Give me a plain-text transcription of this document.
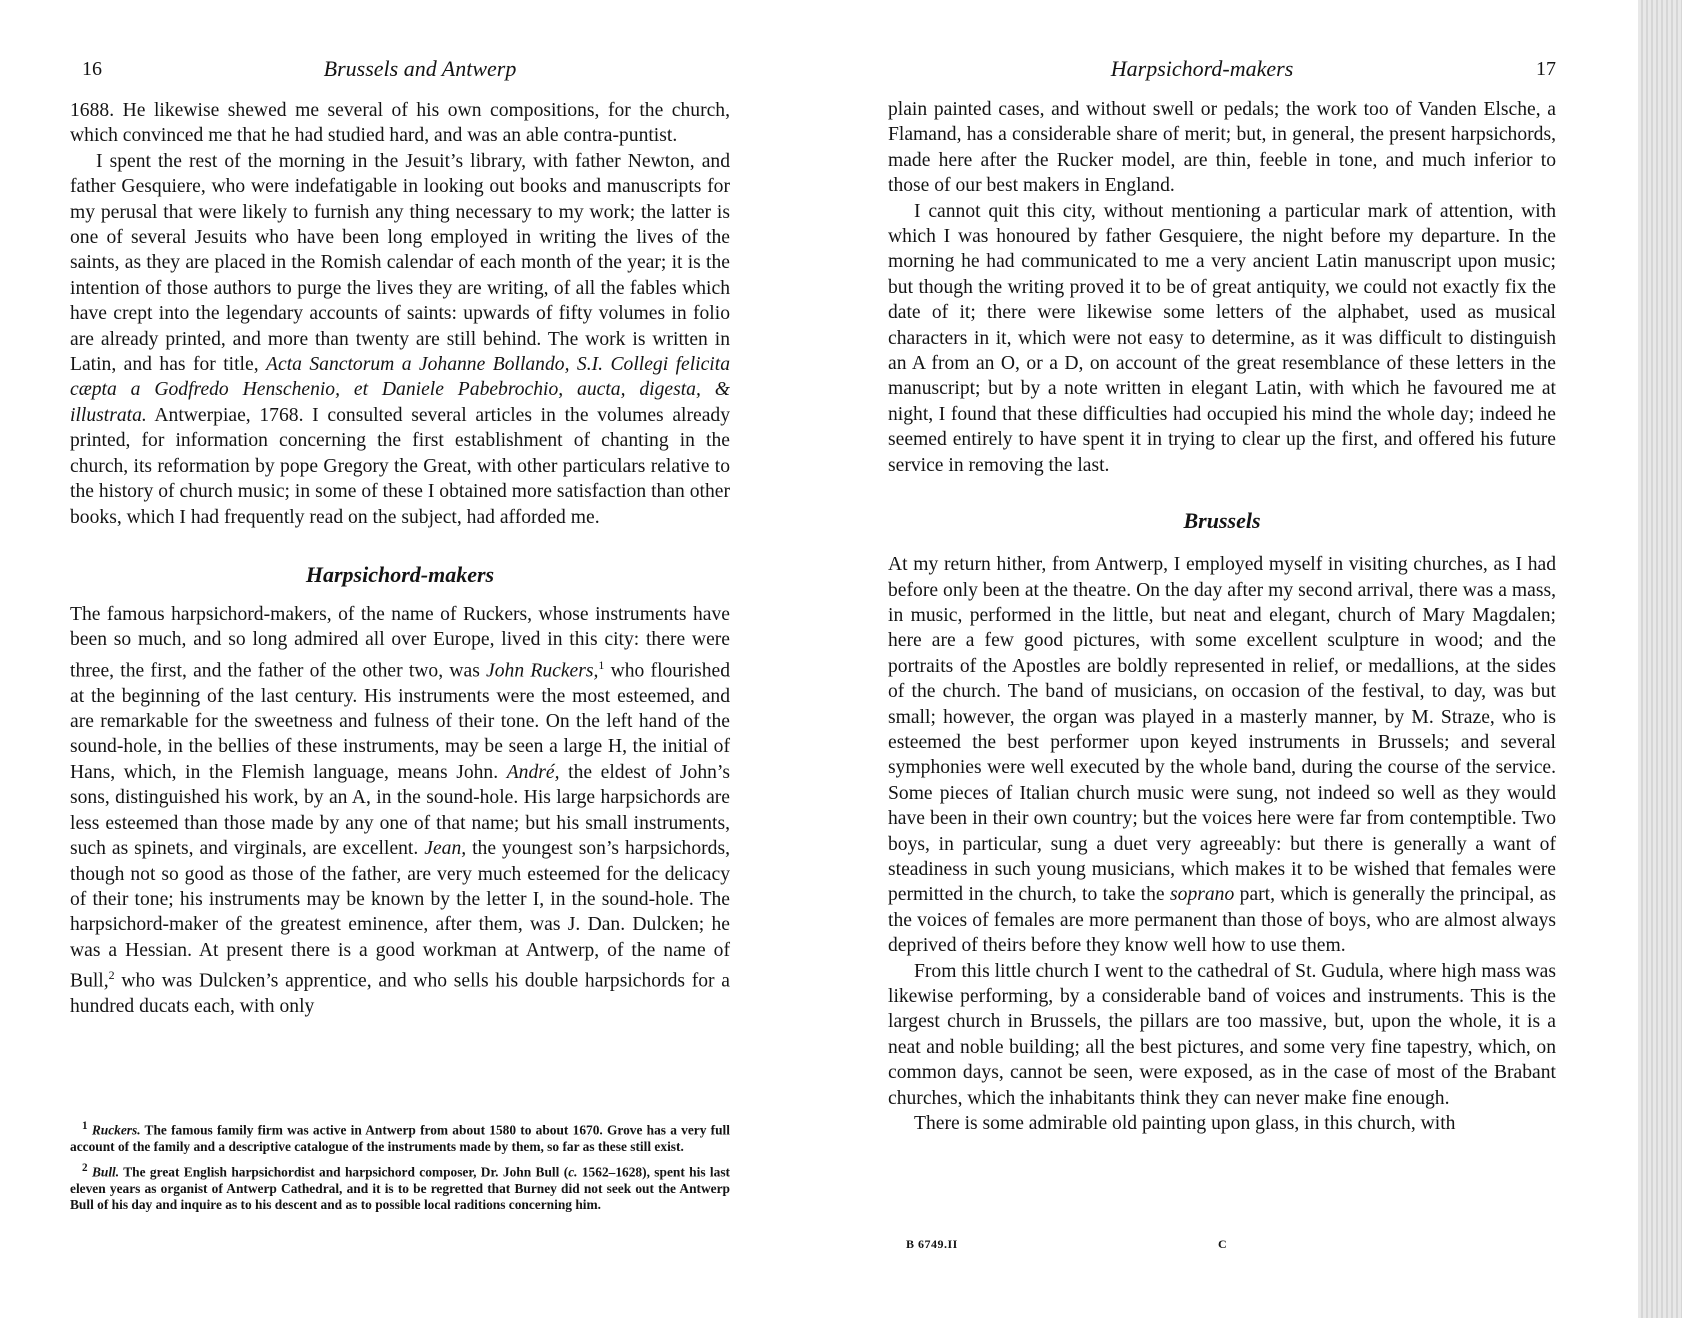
16	Brussels and Antwerp

1688. He likewise shewed me several of his own compositions, for the church, which convinced me that he had studied hard, and was an able contra-puntist.

I spent the rest of the morning in the Jesuit’s library, with father Newton, and father Gesquiere, who were indefatigable in looking out books and manuscripts for my perusal that were likely to furnish any thing necessary to my work; the latter is one of several Jesuits who have been long employed in writing the lives of the saints, as they are placed in the Romish calendar of each month of the year; it is the intention of those authors to purge the lives they are writing, of all the fables which have crept into the legendary accounts of saints: upwards of fifty volumes in folio are already printed, and more than twenty are still behind. The work is written in Latin, and has for title, Acta Sanctorum a Johanne Bollando, S.I. Collegi felicita cæpta a Godfredo Henschenio, et Daniele Pabebrochio, aucta, digesta, & illustrata. Antwerpiae, 1768. I consulted several articles in the volumes already printed, for information concerning the first establishment of chanting in the church, its reformation by pope Gregory the Great, with other particulars relative to the history of church music; in some of these I obtained more satisfaction than other books, which I had frequently read on the subject, had afforded me.

Harpsichord-makers

The famous harpsichord-makers, of the name of Ruckers, whose instruments have been so much, and so long admired all over Europe, lived in this city: there were three, the first, and the father of the other two, was John Ruckers,$^1$ who flourished at the beginning of the last century. His instruments were the most esteemed, and are remarkable for the sweetness and fulness of their tone. On the left hand of the sound-hole, in the bellies of these instruments, may be seen a large H, the initial of Hans, which, in the Flemish language, means John. André, the eldest of John’s sons, distinguished his work, by an A, in the sound-hole. His large harpsichords are less esteemed than those made by any one of that name; but his small instruments, such as spinets, and virginals, are excellent. Jean, the youngest son’s harpsichords, though not so good as those of the father, are very much esteemed for the delicacy of their tone; his instruments may be known by the letter I, in the sound-hole. The harpsichord-maker of the greatest eminence, after them, was J. Dan. Dulcken; he was a Hessian. At present there is a good workman at Antwerp, of the name of Bull,$^2$ who was Dulcken’s apprentice, and who sells his double harpsichords for a hundred ducats each, with only

$^1$ Ruckers. The famous family firm was active in Antwerp from about 1580 to about 1670. Grove has a very full account of the family and a descriptive catalogue of the instruments made by them, so far as these still exist.

$^2$ Bull. The great English harpsichordist and harpsichord composer, Dr. John Bull (c. 1562–1628), spent his last eleven years as organist of Antwerp Cathedral, and it is to be regretted that Burney did not seek out the Antwerp Bull of his day and inquire as to his descent and as to possible local raditions concerning him.

Harpsichord-makers	17

plain painted cases, and without swell or pedals; the work too of Vanden Elsche, a Flamand, has a considerable share of merit; but, in general, the present harpsichords, made here after the Rucker model, are thin, feeble in tone, and much inferior to those of our best makers in England.

I cannot quit this city, without mentioning a particular mark of attention, with which I was honoured by father Gesquiere, the night before my departure. In the morning he had communicated to me a very ancient Latin manuscript upon music; but though the writing proved it to be of great antiquity, we could not exactly fix the date of it; there were likewise some letters of the alphabet, used as musical characters in it, which were not easy to determine, as it was difficult to distinguish an A from an O, or a D, on account of the great resemblance of these letters in the manuscript; but by a note written in elegant Latin, with which he favoured me at night, I found that these difficulties had occupied his mind the whole day; indeed he seemed entirely to have spent it in trying to clear up the first, and offered his future service in removing the last.

Brussels

At my return hither, from Antwerp, I employed myself in visiting churches, as I had before only been at the theatre. On the day after my second arrival, there was a mass, in music, performed in the little, but neat and elegant, church of Mary Magdalen; here are a few good pictures, with some excellent sculpture in wood; and the portraits of the Apostles are boldly represented in relief, or medallions, at the sides of the church. The band of musicians, on occasion of the festival, to day, was but small; however, the organ was played in a masterly manner, by M. Straze, who is esteemed the best performer upon keyed instruments in Brussels; and several symphonies were well executed by the whole band, during the course of the service. Some pieces of Italian church music were sung, not indeed so well as they would have been in their own country; but the voices here were far from contemptible. Two boys, in particular, sung a duet very agreeably: but there is generally a want of steadiness in such young musicians, which makes it to be wished that females were permitted in the church, to take the soprano part, which is generally the principal, as the voices of females are more permanent than those of boys, who are almost always deprived of theirs before they know well how to use them.

From this little church I went to the cathedral of St. Gudula, where high mass was likewise performing, by a considerable band of voices and instruments. This is the largest church in Brussels, the pillars are too massive, but, upon the whole, it is a neat and noble building; all the best pictures, and some very fine tapestry, which, on common days, cannot be seen, were exposed, as in the case of most of the Brabant churches, which the inhabitants think they can never make fine enough.

There is some admirable old painting upon glass, in this church, with

B 6749.II	C
